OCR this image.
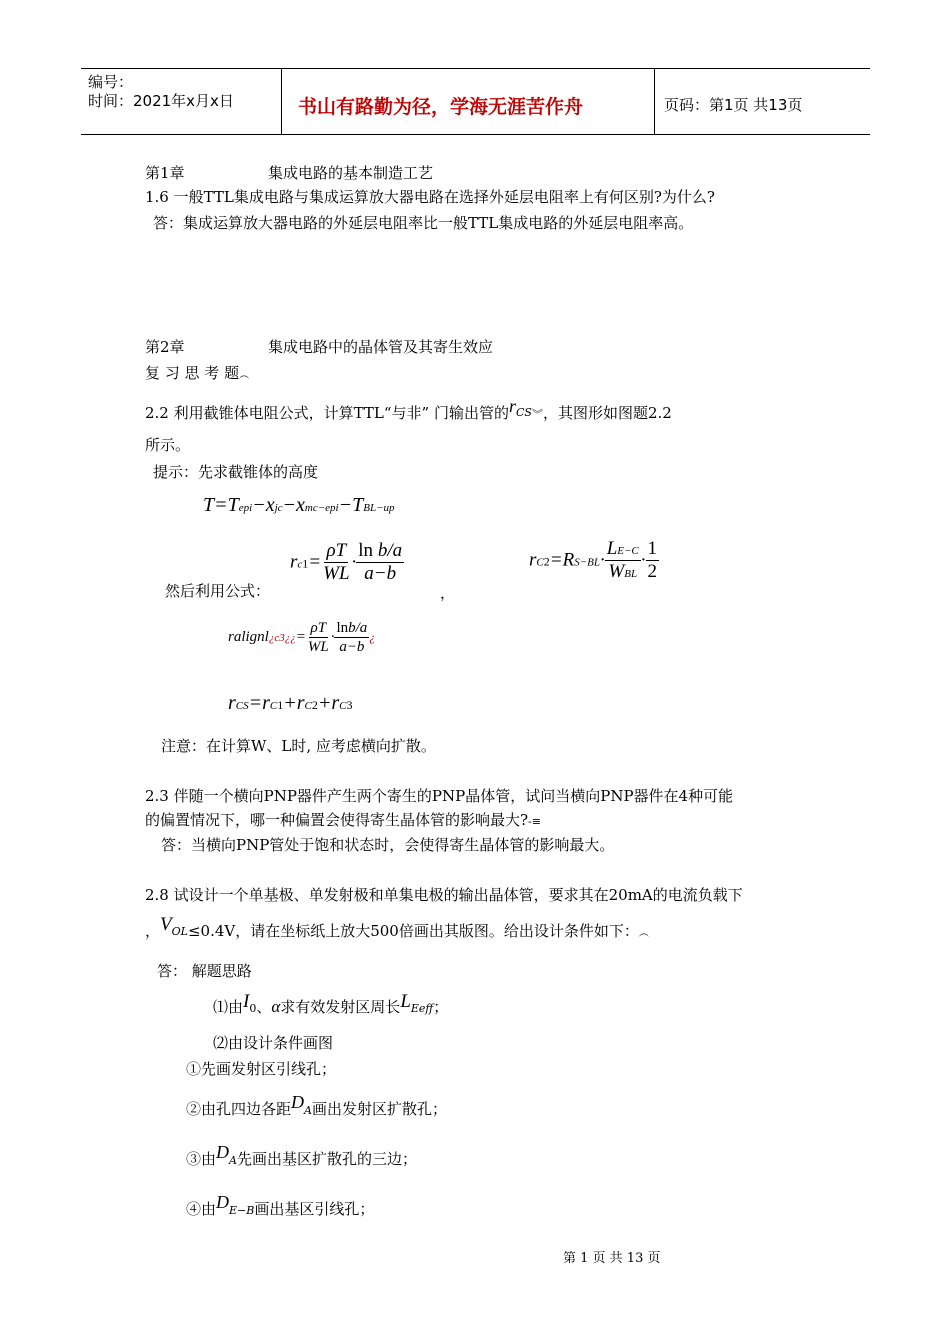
编号：
时间：2021年x月x日	书山有路勤为径，学海无涯苦作舟	页码：第1页 共13页
第1章	集成电路的基本制造工艺
1.6 一般TTL集成电路与集成运算放大器电路在选择外延层电阻率上有何区别?为什么?
答：集成运算放大器电路的外延层电阻率比一般TTL集成电路的外延层电阻率高。
第2章	集成电路中的晶体管及其寄生效应
复 习 思 考 题︵
2.2 利用截锥体电阻公式，计算TTL“与非” 门输出管的rCS︾，其图形如图题2.2
所示。
提示：先求截锥体的高度
T=Tepi−xjc−xmc−epi−TBL−up
然后利用公式：
$rc1= \frac{\rho T}{WL} \cdot \frac{\text{ln b/a}}{a-b}$
，
$rC2=RS-BL\cdot \frac{LE-C}{\text{WBL}} \cdot \frac{1}{2}$
ralignl¿c3¿¿= $\frac{\rho T}{WL} \cdot \frac{\ln b/a}{a-b}$ ¿
rCS=rC1+rC2+rC3
注意：在计算W、L时, 应考虑横向扩散。
2.3 伴随一个横向PNP器件产生两个寄生的PNP晶体管，试问当横向PNP器件在4种可能
的偏置情况下，哪一种偏置会使得寄生晶体管的影响最大?-≡
答：当横向PNP管处于饱和状态时，会使得寄生晶体管的影响最大。
2.8 试设计一个单基极、单发射极和单集电极的输出晶体管，要求其在20mA的电流负载下
，VOL≤0.4V，请在坐标纸上放大500倍画出其版图。给出设计条件如下：︵
答： 解题思路
⑴由I0、α求有效发射区周长LEeff；
⑵由设计条件画图
①先画发射区引线孔；
②由孔四边各距DA画出发射区扩散孔；
③由DA先画出基区扩散孔的三边；
④由DE−B画出基区引线孔；
第 1 页 共 13 页
